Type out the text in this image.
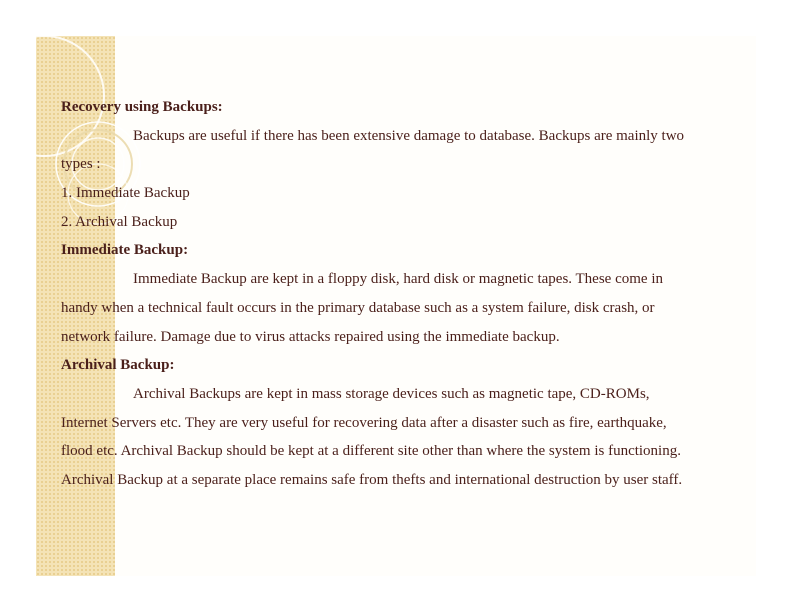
Recovery using Backups:
Backups are useful if there has been extensive damage to database. Backups are mainly two
types :
1. Immediate Backup
2. Archival Backup
Immediate Backup:
Immediate Backup are kept in a floppy disk, hard disk or magnetic tapes. These come in
handy when a technical fault occurs in the primary database such as a system failure, disk crash, or
network failure. Damage due to virus attacks repaired using the immediate backup.
Archival Backup:
Archival Backups are kept in mass storage devices such as magnetic tape, CD-ROMs,
Internet Servers etc. They are very useful for recovering data after a disaster such as fire, earthquake,
flood etc. Archival Backup should be kept at a different site other than where the system is functioning.
Archival Backup at a separate place remains safe from thefts and international destruction by user staff.
